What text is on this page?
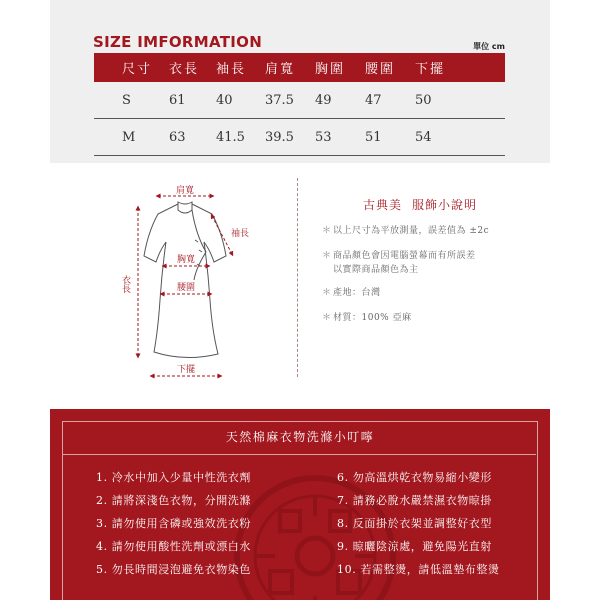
SIZE IMFORMATION	單位 cm
尺寸	衣長	袖長	肩寬	胸圍	腰圍	下擺
S	61	40	37.5	49	47	50
M	63	41.5	39.5	53	51	54
肩寬
袖長
胸寬
腰圍
衣長
下擺
古典美 服飾小說明
＊ 以上尺寸為平放測量，誤差值為 ±2c
＊ 商品顏色會因電腦螢幕而有所誤差
以實際商品顏色為主
＊ 產地：台灣
＊ 材質：100% 亞麻
天然棉麻衣物洗滌小叮嚀
1. 冷水中加入少量中性洗衣劑
2. 請將深淺色衣物，分開洗滌
3. 請勿使用含磷或強效洗衣粉
4. 請勿使用酸性洗劑或漂白水
5. 勿長時間浸泡避免衣物染色
6. 勿高溫烘乾衣物易縮小變形
7. 請務必脫水嚴禁濕衣物晾掛
8. 反面掛於衣架並調整好衣型
9. 晾曬陰涼處，避免陽光直射
10. 若需整燙，請低溫墊布整燙
